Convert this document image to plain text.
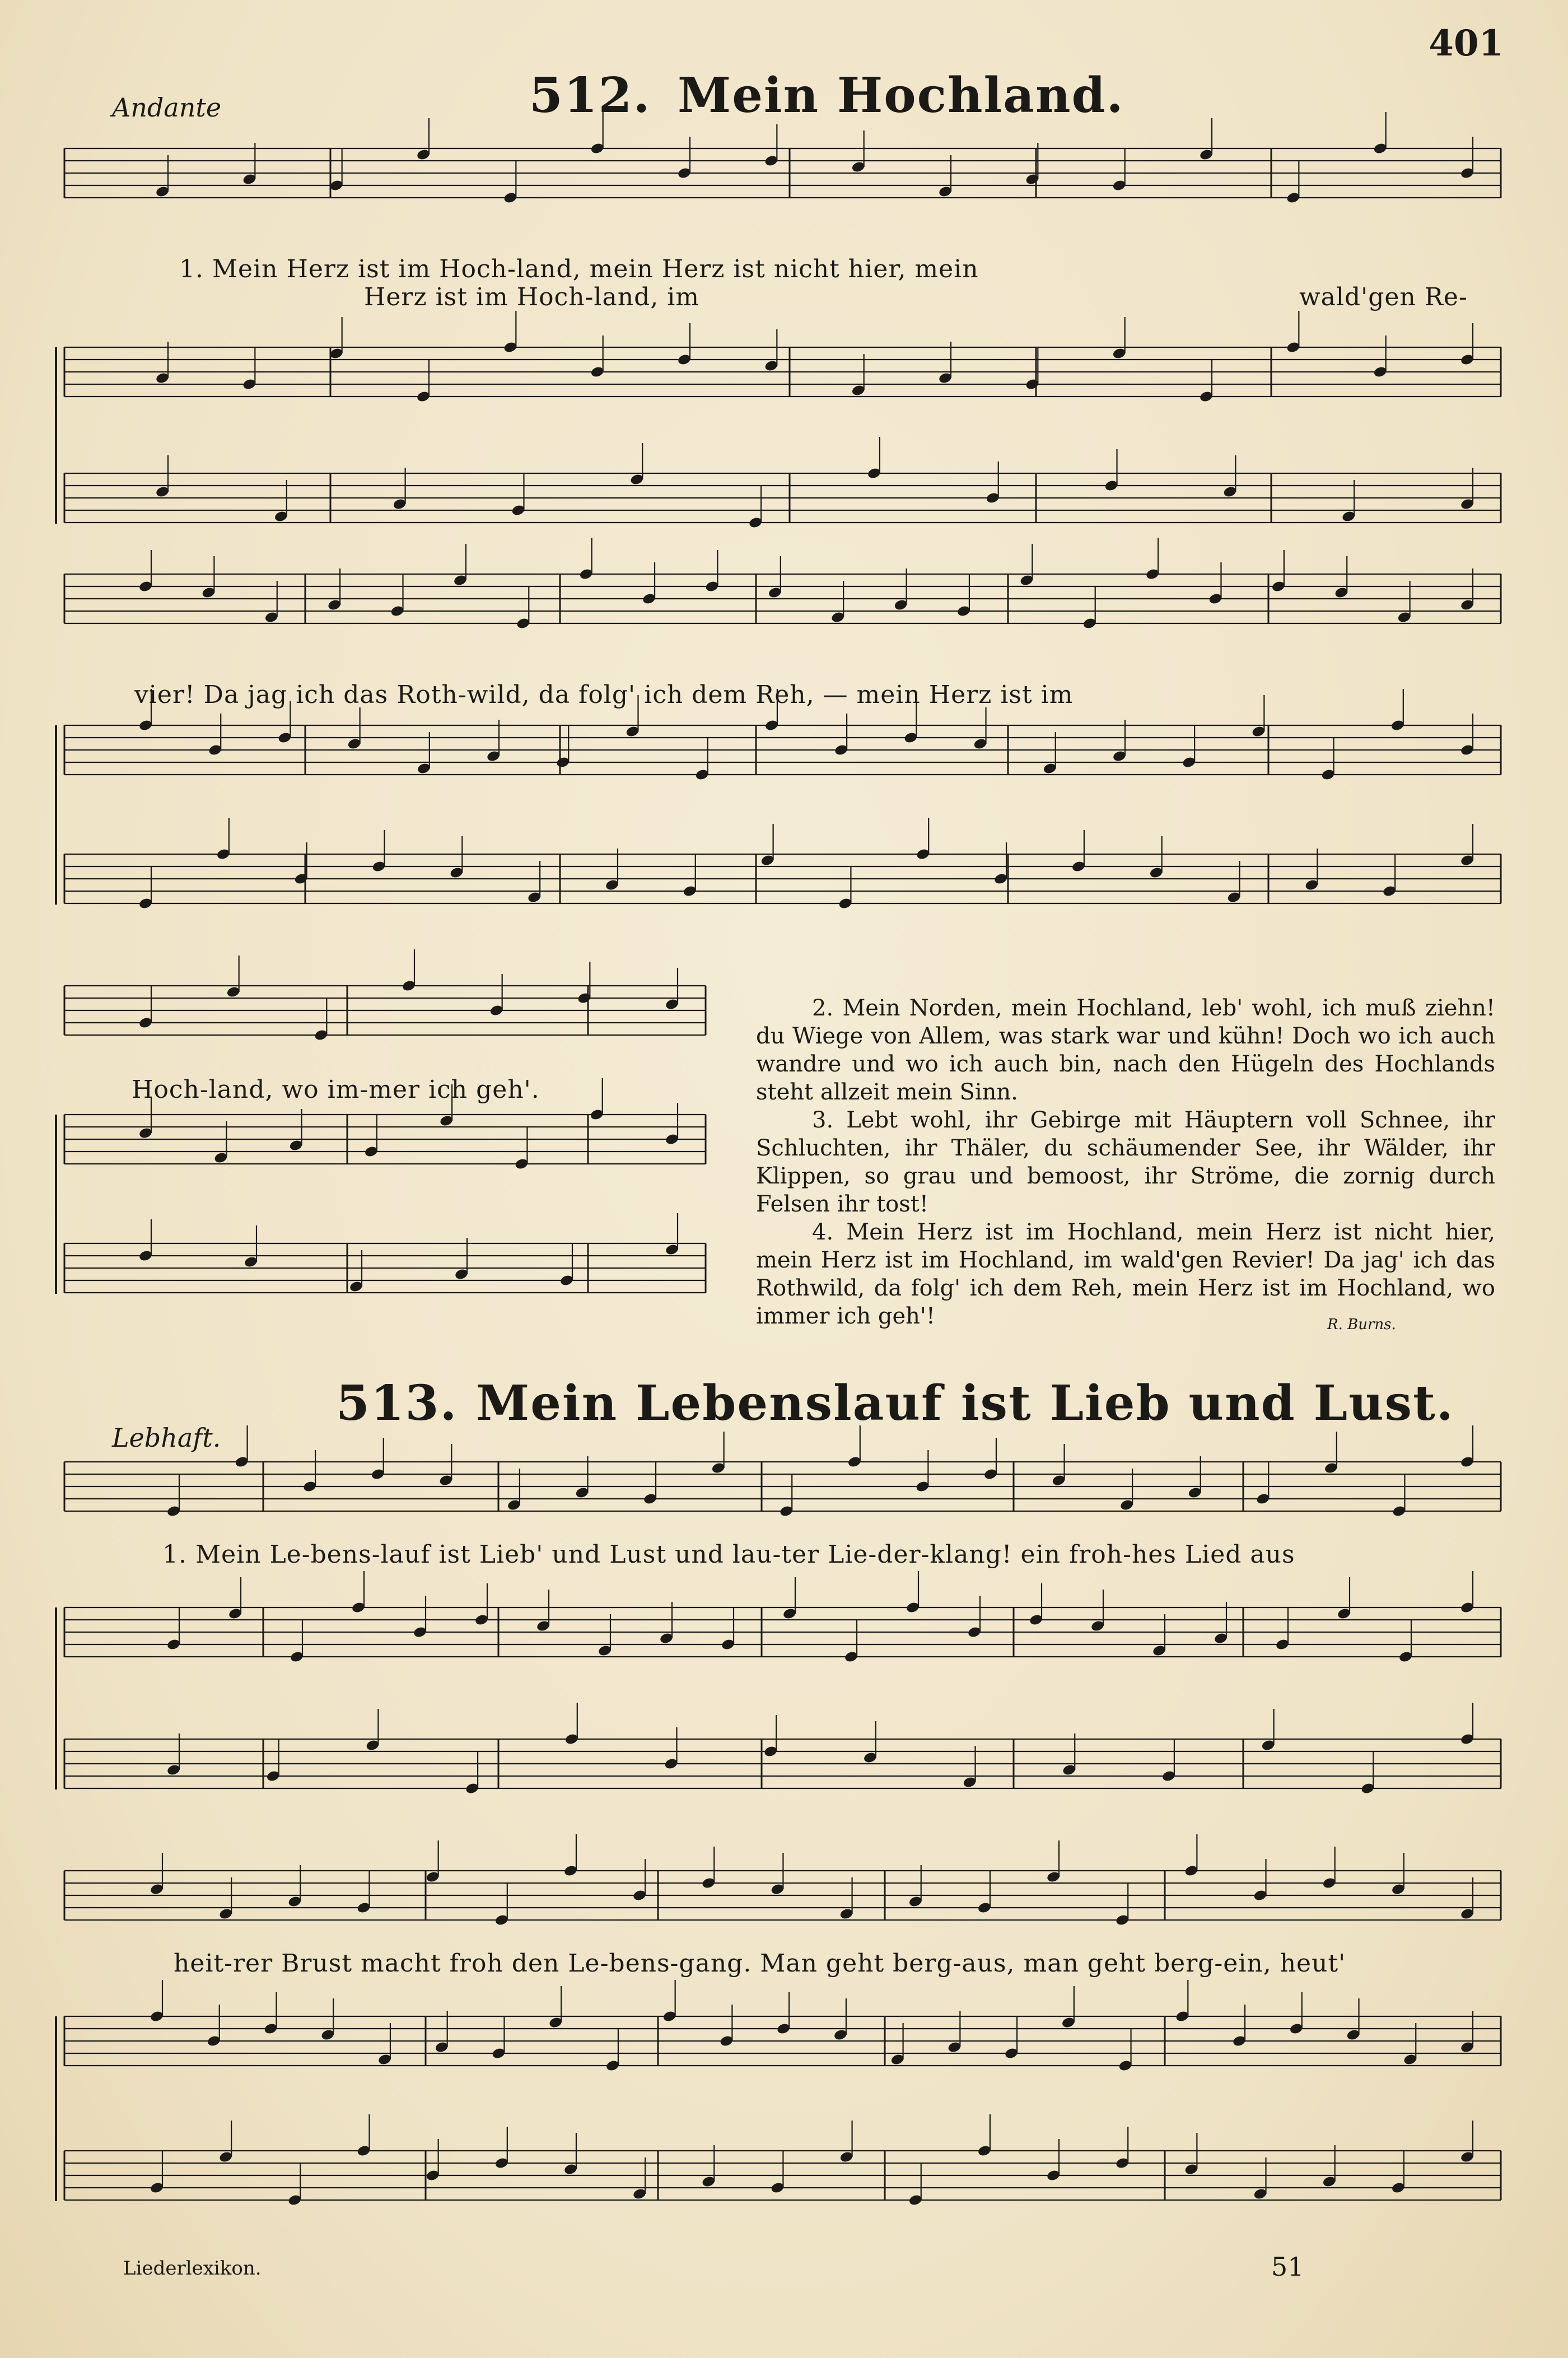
401
Andante	512. Mein Hochland.
1. Mein Herz ist im Hoch-land, mein Herz ist nicht hier, mein
Herz ist im Hoch-land, im	wald'gen Re-
vier! Da jag ich das Roth-wild, da folg' ich dem Reh, — mein Herz ist im
Hoch-land, wo im-mer ich geh'.

2. Mein Norden, mein Hochland, leb' wohl, ich muß ziehn! du Wiege von Allem, was stark war und kühn! Doch wo ich auch wandre und wo ich auch bin, nach den Hügeln des Hochlands steht allzeit mein Sinn.

3. Lebt wohl, ihr Gebirge mit Häuptern voll Schnee, ihr Schluchten, ihr Thäler, du schäumender See, ihr Wälder, ihr Klippen, so grau und bemoost, ihr Ströme, die zornig durch Felsen ihr tost!

4. Mein Herz ist im Hochland, mein Herz ist nicht hier, mein Herz ist im Hochland, im wald'gen Revier! Da jag' ich das Rothwild, da folg' ich dem Reh, mein Herz ist im Hochland, wo immer ich geh'!	R. Burns.
513. Mein Lebenslauf ist Lieb und Lust.
Lebhaft.
1. Mein Le-bens-lauf ist Lieb' und Lust und lau-ter Lie-der-klang! ein froh-hes Lied aus
heit-rer Brust macht froh den Le-bens-gang. Man geht berg-aus, man geht berg-ein, heut'
Liederlexikon.	51
